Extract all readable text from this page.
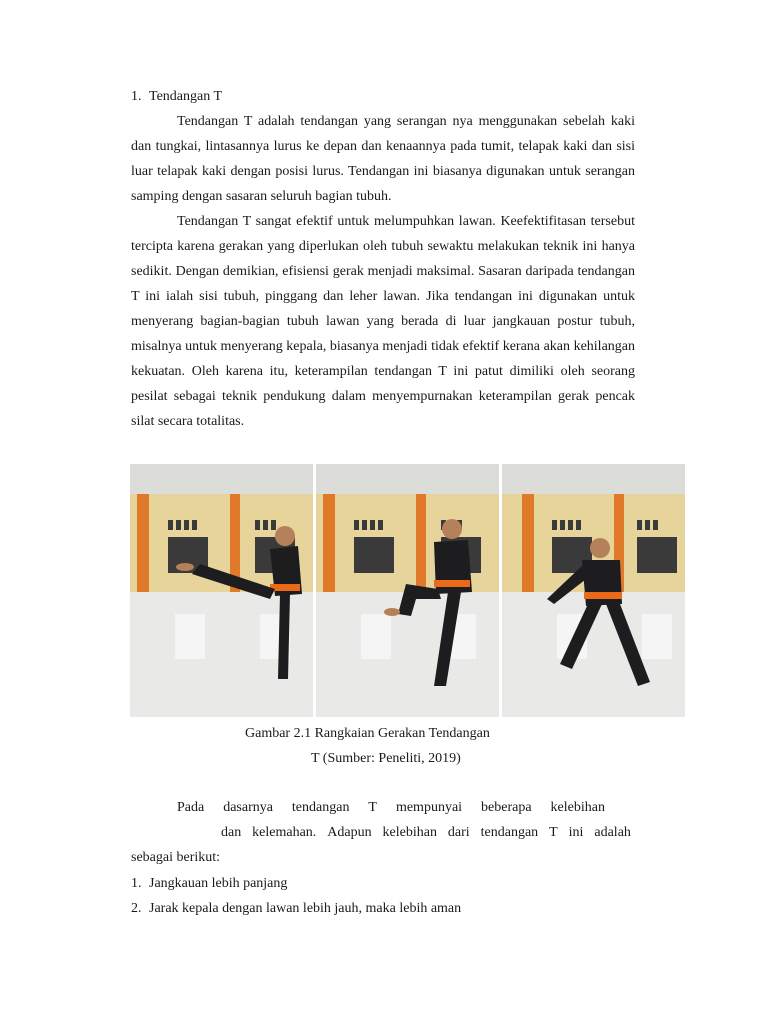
1. Tendangan T
Tendangan T adalah tendangan yang serangan nya menggunakan sebelah kaki dan tungkai, lintasannya lurus ke depan dan kenaannya pada tumit, telapak kaki dan sisi luar telapak kaki dengan posisi lurus. Tendangan ini biasanya digunakan untuk serangan samping dengan sasaran seluruh bagian tubuh.
Tendangan T sangat efektif untuk melumpuhkan lawan. Keefektifitasan tersebut tercipta karena gerakan yang diperlukan oleh tubuh sewaktu melakukan teknik ini hanya sedikit. Dengan demikian, efisiensi gerak menjadi maksimal. Sasaran daripada tendangan T ini ialah sisi tubuh, pinggang dan leher lawan. Jika tendangan ini digunakan untuk menyerang bagian-bagian tubuh lawan yang berada di luar jangkauan postur tubuh, misalnya untuk menyerang kepala, biasanya menjadi tidak efektif kerana akan kehilangan kekuatan. Oleh karena itu, keterampilan tendangan T ini patut dimiliki oleh seorang pesilat sebagai teknik pendukung dalam menyempurnakan keterampilan gerak pencak silat secara totalitas.
Gambar 2.1 Rangkaian Gerakan Tendangan
T (Sumber: Peneliti, 2019)
Pada dasarnya tendangan T mempunyai beberapa kelebihan
dan kelemahan. Adapun kelebihan dari tendangan T ini adalah
sebagai berikut:
1. Jangkauan lebih panjang
2. Jarak kepala dengan lawan lebih jauh, maka lebih aman
